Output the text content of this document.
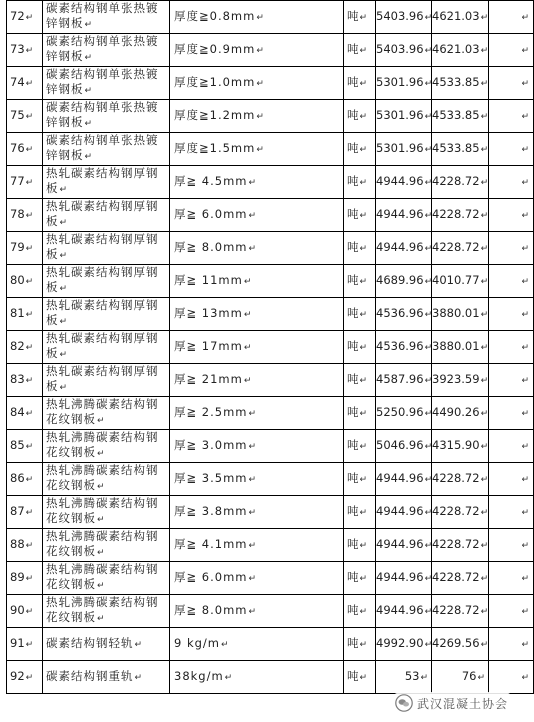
72↵	碳素结构钢单张热镀锌钢板↵	厚度≧0.8mm↵	吨↵	5403.96↵	4621.03↵	↵
73↵	碳素结构钢单张热镀锌钢板↵	厚度≧0.9mm↵	吨↵	5403.96↵	4621.03↵	↵
74↵	碳素结构钢单张热镀锌钢板↵	厚度≧1.0mm↵	吨↵	5301.96↵	4533.85↵	↵
75↵	碳素结构钢单张热镀锌钢板↵	厚度≧1.2mm↵	吨↵	5301.96↵	4533.85↵	↵
76↵	碳素结构钢单张热镀锌钢板↵	厚度≧1.5mm↵	吨↵	5301.96↵	4533.85↵	↵
77↵	热轧碳素结构钢厚钢板↵	厚≧ 4.5mm↵	吨↵	4944.96↵	4228.72↵	↵
78↵	热轧碳素结构钢厚钢板↵	厚≧ 6.0mm↵	吨↵	4944.96↵	4228.72↵	↵
79↵	热轧碳素结构钢厚钢板↵	厚≧ 8.0mm↵	吨↵	4944.96↵	4228.72↵	↵
80↵	热轧碳素结构钢厚钢板↵	厚≧ 11mm↵	吨↵	4689.96↵	4010.77↵	↵
81↵	热轧碳素结构钢厚钢板↵	厚≧ 13mm↵	吨↵	4536.96↵	3880.01↵	↵
82↵	热轧碳素结构钢厚钢板↵	厚≧ 17mm↵	吨↵	4536.96↵	3880.01↵	↵
83↵	热轧碳素结构钢厚钢板↵	厚≧ 21mm↵	吨↵	4587.96↵	3923.59↵	↵
84↵	热轧沸腾碳素结构钢花纹钢板↵	厚≧ 2.5mm↵	吨↵	5250.96↵	4490.26↵	↵
85↵	热轧沸腾碳素结构钢花纹钢板↵	厚≧ 3.0mm↵	吨↵	5046.96↵	4315.90↵	↵
86↵	热轧沸腾碳素结构钢花纹钢板↵	厚≧ 3.5mm↵	吨↵	4944.96↵	4228.72↵	↵
87↵	热轧沸腾碳素结构钢花纹钢板↵	厚≧ 3.8mm↵	吨↵	4944.96↵	4228.72↵	↵
88↵	热轧沸腾碳素结构钢花纹钢板↵	厚≧ 4.1mm↵	吨↵	4944.96↵	4228.72↵	↵
89↵	热轧沸腾碳素结构钢花纹钢板↵	厚≧ 6.0mm↵	吨↵	4944.96↵	4228.72↵	↵
90↵	热轧沸腾碳素结构钢花纹钢板↵	厚≧ 8.0mm↵	吨↵	4944.96↵	4228.72↵	↵
91↵	碳素结构钢轻轨↵	9 kg/m↵	吨↵	4992.90↵	4269.56↵	↵
92↵	碳素结构钢重轨↵	38kg/m↵	吨↵	53↵	76↵	↵
武汉混凝土协会
